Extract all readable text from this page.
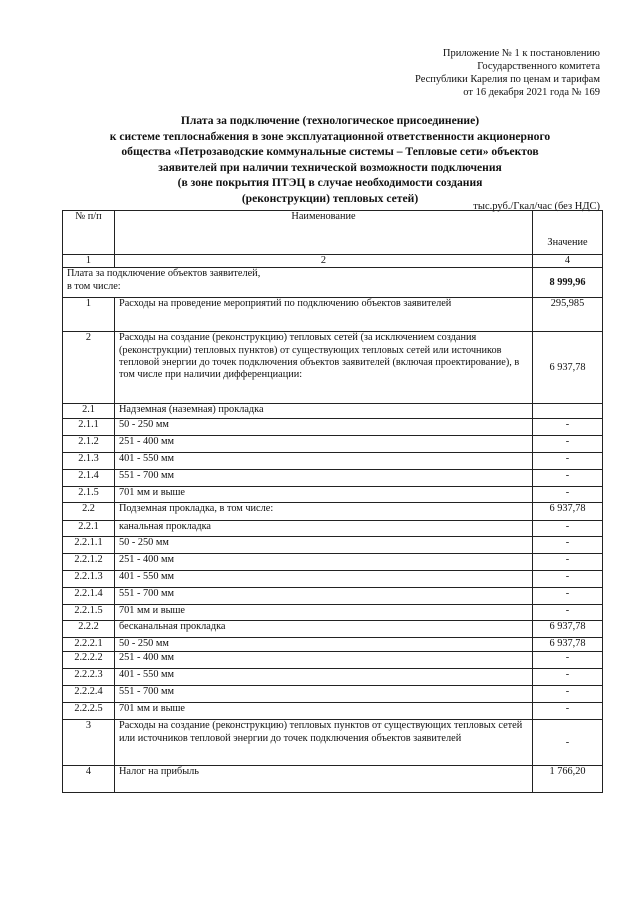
Приложение № 1 к постановлению
Государственного комитета
Республики Карелия по ценам и тарифам
от 16 декабря 2021 года № 169
Плата за подключение (технологическое присоединение)
к системе теплоснабжения в зоне эксплуатационной ответственности акционерного
общества «Петрозаводские коммунальные системы – Тепловые сети» объектов
заявителей при наличии технической возможности подключения
(в зоне покрытия ПТЭЦ в случае необходимости создания
(реконструкции) тепловых сетей)
тыс.руб./Гкал/час (без НДС)
№ п/п	Наименование	Значение
1	2	4
Плата за подключение объектов заявителей,
в том числе:		8 999,96
1	Расходы на проведение мероприятий по подключению объектов заявителей	295,985
2	Расходы на создание (реконструкцию) тепловых сетей (за исключением создания (реконструкции) тепловых пунктов) от существующих тепловых сетей или источников тепловой энергии до точек подключения объектов заявителей (включая проектирование), в том числе при наличии дифференциации:	6 937,78
2.1	Надземная (наземная) прокладка	
2.1.1	50 - 250 мм	-
2.1.2	251 - 400 мм	-
2.1.3	401 - 550 мм	-
2.1.4	551 - 700 мм	-
2.1.5	701 мм и выше	-
2.2	Подземная прокладка, в том числе:	6 937,78
2.2.1	канальная прокладка	-
2.2.1.1	50 - 250 мм	-
2.2.1.2	251 - 400 мм	-
2.2.1.3	401 - 550 мм	-
2.2.1.4	551 - 700 мм	-
2.2.1.5	701 мм и выше	-
2.2.2	бесканальная прокладка	6 937,78
2.2.2.1	50 - 250 мм	6 937,78
2.2.2.2	251 - 400 мм	-
2.2.2.3	401 - 550 мм	-
2.2.2.4	551 - 700 мм	-
2.2.2.5	701 мм и выше	-
3	Расходы на создание (реконструкцию) тепловых пунктов от существующих тепловых сетей или источников тепловой энергии до точек подключения объектов заявителей	-
4	Налог на прибыль	1 766,20
